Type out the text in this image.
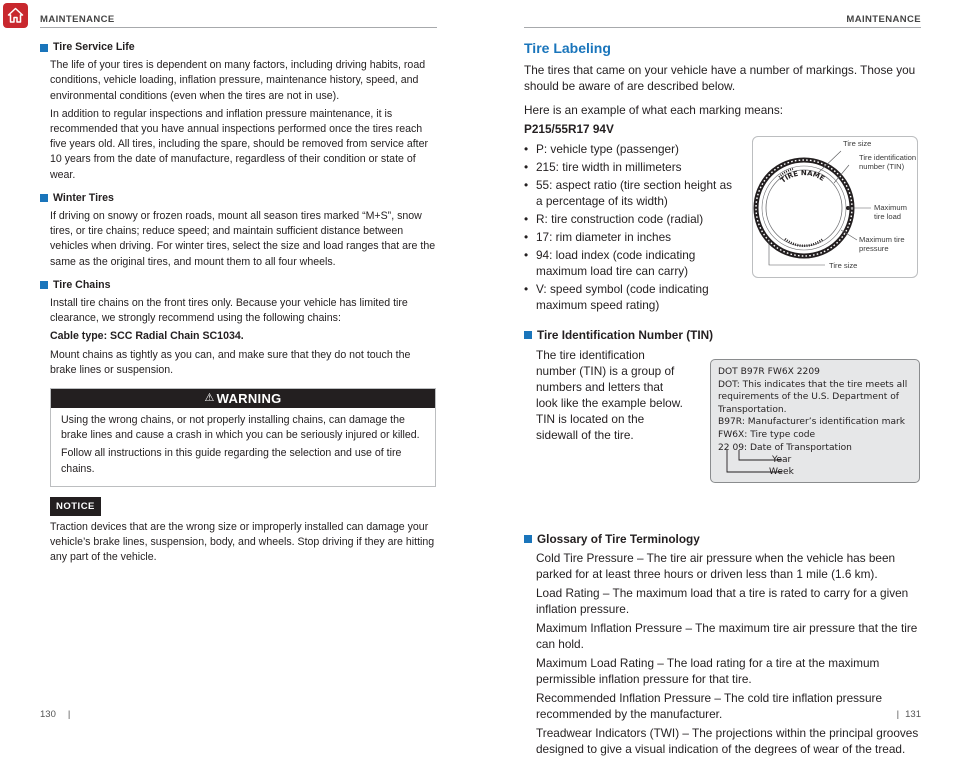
MAINTENANCE	MAINTENANCE
Tire Service Life

The life of your tires is dependent on many factors, including driving habits, road conditions, vehicle loading, inflation pressure, maintenance history, speed, and environmental conditions (even when the tires are not in use).

In addition to regular inspections and inflation pressure maintenance, it is recommended that you have annual inspections performed once the tires reach five years old. All tires, including the spare, should be removed from service after 10 years from the date of manufacture, regardless of their condition or state of wear.

Winter Tires

If driving on snowy or frozen roads, mount all season tires marked “M+S”, snow tires, or tire chains; reduce speed; and maintain sufficient distance between vehicles when driving. For winter tires, select the size and load ranges that are the same as the original tires, and mount them to all four wheels.

Tire Chains

Install tire chains on the front tires only. Because your vehicle has limited tire clearance, we strongly recommend using the following chains:

Cable type: SCC Radial Chain SC1034.

Mount chains as tightly as you can, and make sure that they do not touch the brake lines or suspension.

⚠ WARNING

Using the wrong chains, or not properly installing chains, can damage the brake lines and cause a crash in which you can be seriously injured or killed.

Follow all instructions in this guide regarding the selection and use of tire chains.

NOTICE

Traction devices that are the wrong size or improperly installed can damage your vehicle’s brake lines, suspension, body, and wheels. Stop driving if they are hitting any part of the vehicle.

Tire Labeling

The tires that came on your vehicle have a number of markings. Those you should be aware of are described below.

Here is an example of what each marking means:

P215/55R17 94V

• P: vehicle type (passenger)
• 215: tire width in millimeters
• 55: aspect ratio (tire section height as a percentage of its width)
• R: tire construction code (radial)
• 17: rim diameter in inches
• 94: load index (code indicating maximum load tire can carry)
• V: speed symbol (code indicating maximum speed rating)
Tire Identification Number (TIN)

The tire identification number (TIN) is a group of numbers and letters that look like the example below. TIN is located on the sidewall of the tire.

DOT B97R FW6X 2209
DOT: This indicates that the tire meets all requirements of the U.S. Department of Transportation.
B97R: Manufacturer’s identification mark
FW6X: Tire type code
22 09: Date of Transportation
Year
Week
Glossary of Tire Terminology

Cold Tire Pressure – The tire air pressure when the vehicle has been parked for at least three hours or driven less than 1 mile (1.6 km).

Load Rating – The maximum load that a tire is rated to carry for a given inflation pressure.

Maximum Inflation Pressure – The maximum tire air pressure that the tire can hold.

Maximum Load Rating – The load rating for a tire at the maximum permissible inflation pressure for that tire.

Recommended Inflation Pressure – The cold tire inflation pressure recommended by the manufacturer.

Treadwear Indicators (TWI) – The projections within the principal grooves designed to give a visual indication of the degrees of wear of the tread.

TIRE NAME
Tire size
Tire identification number (TIN)
Maximum tire load
Maximum tire pressure
Tire size
130 |	| 131
